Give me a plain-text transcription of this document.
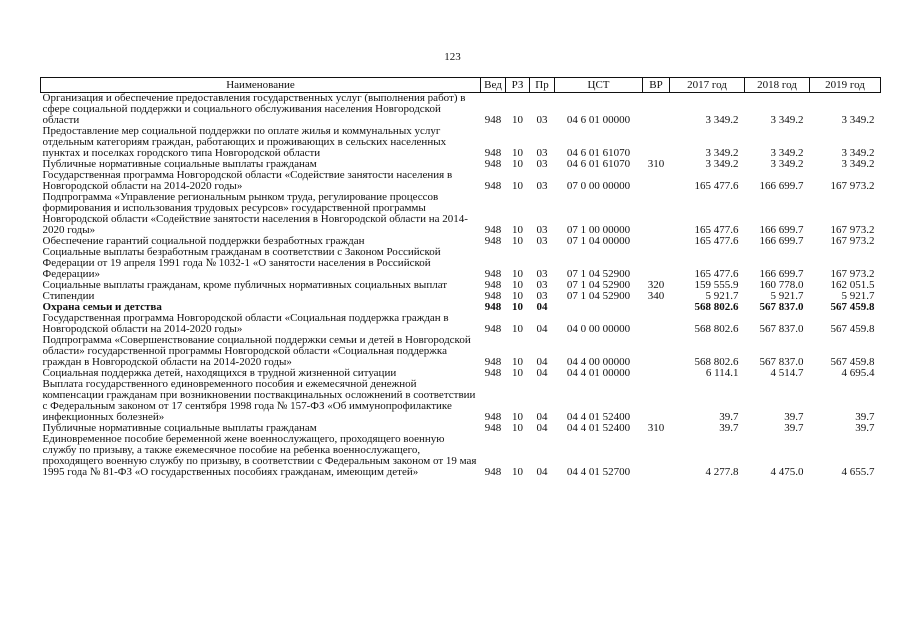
123
Наименование	Вед	РЗ	Пр	ЦСТ	ВР	2017 год	2018 год	2019 год
Организация и обеспечение предоставления государственных услуг (выполнения работ) в сфере социальной поддержки и социального обслуживания населения Новгородской области	948	10	03	04 6 01 00000		3 349.2	3 349.2	3 349.2
Предоставление мер социальной поддержки по оплате жилья и коммунальных услуг отдельным категориям граждан, работающих и проживающих в сельских населенных пунктах и поселках городского типа Новгородской области	948	10	03	04 6 01 61070		3 349.2	3 349.2	3 349.2
Публичные нормативные социальные выплаты гражданам	948	10	03	04 6 01 61070	310	3 349.2	3 349.2	3 349.2
Государственная программа Новгородской области «Содействие занятости населения в Новгородской области на 2014-2020 годы»	948	10	03	07 0 00 00000		165 477.6	166 699.7	167 973.2
Подпрограмма «Управление региональным рынком труда, регулирование процессов формирования и использования трудовых ресурсов» государственной программы Новгородской области «Содействие занятости населения в Новгородской области на 2014-2020 годы»	948	10	03	07 1 00 00000		165 477.6	166 699.7	167 973.2
Обеспечение гарантий социальной поддержки безработных граждан	948	10	03	07 1 04 00000		165 477.6	166 699.7	167 973.2
Социальные выплаты безработным гражданам в соответствии с Законом Российской Федерации от 19 апреля 1991 года № 1032-1 «О занятости населения в Российской Федерации»	948	10	03	07 1 04 52900		165 477.6	166 699.7	167 973.2
Социальные выплаты гражданам, кроме публичных нормативных социальных выплат	948	10	03	07 1 04 52900	320	159 555.9	160 778.0	162 051.5
Стипендии	948	10	03	07 1 04 52900	340	5 921.7	5 921.7	5 921.7
Охрана семьи и детства	948	10	04			568 802.6	567 837.0	567 459.8
Государственная программа Новгородской области «Социальная поддержка граждан в Новгородской области на 2014-2020 годы»	948	10	04	04 0 00 00000		568 802.6	567 837.0	567 459.8
Подпрограмма «Совершенствование социальной поддержки семьи и детей в Новгородской области» государственной программы Новгородской области «Социальная поддержка граждан в Новгородской области на 2014-2020 годы»	948	10	04	04 4 00 00000		568 802.6	567 837.0	567 459.8
Социальная поддержка детей, находящихся в трудной жизненной ситуации	948	10	04	04 4 01 00000		6 114.1	4 514.7	4 695.4
Выплата государственного единовременного пособия и ежемесячной денежной компенсации гражданам при возникновении поствакцинальных осложнений в соответствии с Федеральным законом от 17 сентября 1998 года № 157-ФЗ «Об иммунопрофилактике инфекционных болезней»	948	10	04	04 4 01 52400		39.7	39.7	39.7
Публичные нормативные социальные выплаты гражданам	948	10	04	04 4 01 52400	310	39.7	39.7	39.7
Единовременное пособие беременной жене военнослужащего, проходящего военную службу по призыву, а также ежемесячное пособие на ребенка военнослужащего, проходящего военную службу по призыву, в соответствии с Федеральным законом от 19 мая 1995 года № 81-ФЗ «О государственных пособиях гражданам, имеющим детей»	948	10	04	04 4 01 52700		4 277.8	4 475.0	4 655.7
